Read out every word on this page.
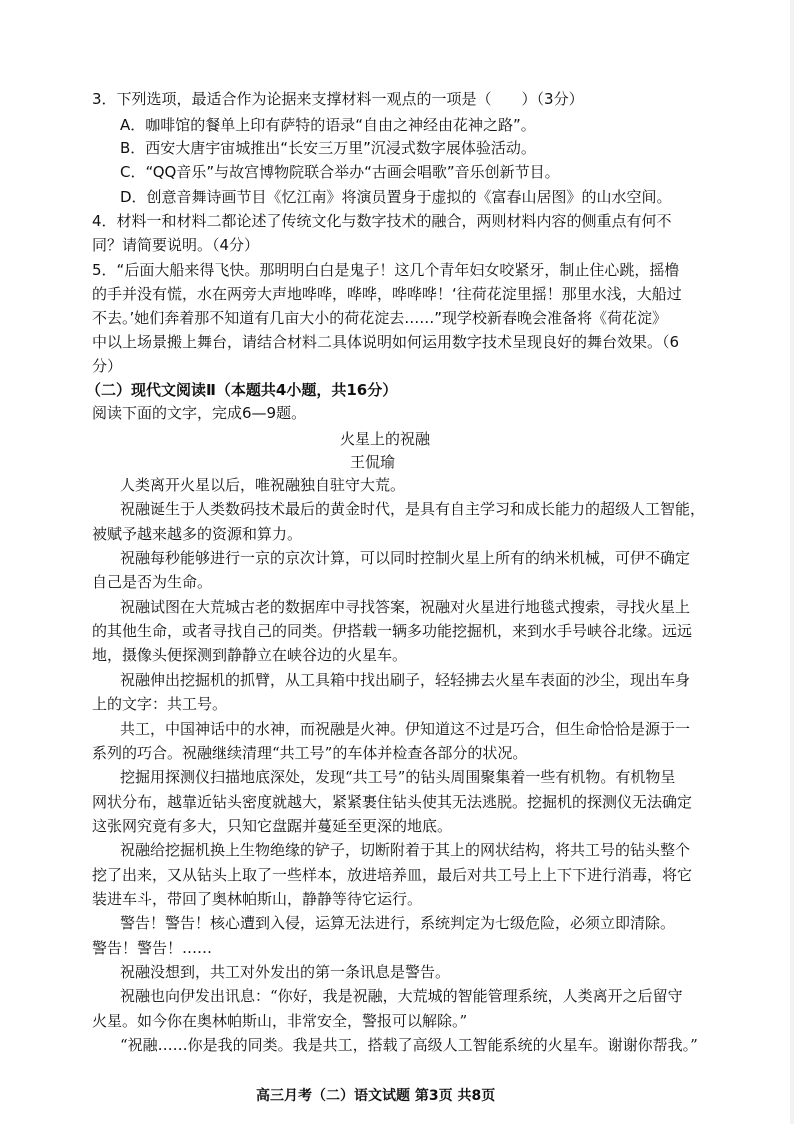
3．下列选项，最适合作为论据来支撑材料一观点的一项是（　　）（3分）
A．咖啡馆的餐单上印有萨特的语录“自由之神经由花神之路”。
B．西安大唐宇宙城推出“长安三万里”沉浸式数字展体验活动。
C．“QQ音乐”与故宫博物院联合举办“古画会唱歌”音乐创新节目。
D．创意音舞诗画节目《忆江南》将演员置身于虚拟的《富春山居图》的山水空间。
4．材料一和材料二都论述了传统文化与数字技术的融合，两则材料内容的侧重点有何不
同？请简要说明。（4分）
5．“后面大船来得飞快。那明明白白是鬼子！这几个青年妇女咬紧牙，制止住心跳，摇橹
的手并没有慌，水在两旁大声地哗哗，哗哗，哗哗哗！‘往荷花淀里摇！那里水浅，大船过
不去。’她们奔着那不知道有几亩大小的荷花淀去……”现学校新春晚会准备将《荷花淀》
中以上场景搬上舞台，请结合材料二具体说明如何运用数字技术呈现良好的舞台效果。（6
分）
（二）现代文阅读Ⅱ（本题共4小题，共16分）
阅读下面的文字，完成6—9题。
火星上的祝融
王侃瑜
人类离开火星以后，唯祝融独自驻守大荒。
祝融诞生于人类数码技术最后的黄金时代，是具有自主学习和成长能力的超级人工智能，
被赋予越来越多的资源和算力。
祝融每秒能够进行一京的京次计算，可以同时控制火星上所有的纳米机械，可伊不确定
自己是否为生命。
祝融试图在大荒城古老的数据库中寻找答案，祝融对火星进行地毯式搜索，寻找火星上
的其他生命，或者寻找自己的同类。伊搭载一辆多功能挖掘机，来到水手号峡谷北缘。远远
地，摄像头便探测到静静立在峡谷边的火星车。
祝融伸出挖掘机的抓臂，从工具箱中找出刷子，轻轻拂去火星车表面的沙尘，现出车身
上的文字：共工号。
共工，中国神话中的水神，而祝融是火神。伊知道这不过是巧合，但生命恰恰是源于一
系列的巧合。祝融继续清理“共工号”的车体并检查各部分的状况。
挖掘用探测仪扫描地底深处，发现“共工号”的钻头周围聚集着一些有机物。有机物呈
网状分布，越靠近钻头密度就越大，紧紧裹住钻头使其无法逃脱。挖掘机的探测仪无法确定
这张网究竟有多大，只知它盘踞并蔓延至更深的地底。
祝融给挖掘机换上生物绝缘的铲子，切断附着于其上的网状结构，将共工号的钻头整个
挖了出来，又从钻头上取了一些样本，放进培养皿，最后对共工号上上下下进行消毒，将它
装进车斗，带回了奥林帕斯山，静静等待它运行。
警告！警告！核心遭到入侵，运算无法进行，系统判定为七级危险，必须立即清除。
警告！警告！……
祝融没想到，共工对外发出的第一条讯息是警告。
祝融也向伊发出讯息：“你好，我是祝融，大荒城的智能管理系统，人类离开之后留守
火星。如今你在奥林帕斯山，非常安全，警报可以解除。”
“祝融……你是我的同类。我是共工，搭载了高级人工智能系统的火星车。谢谢你帮我。”
高三月考（二）语文试题 第3页 共8页
